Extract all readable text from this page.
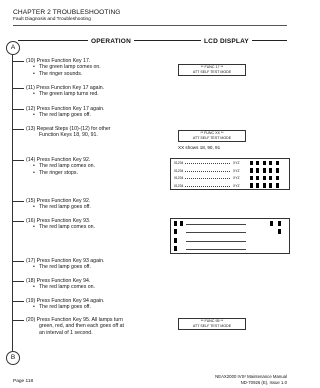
CHAPTER 2 TROUBLESHOOTING
Fault Diagnosis and Troubleshooting
A
B
OPERATION	LCD DISPLAY
(10) Press Function Key 17.
• The green lamp comes on.
• The ringer sounds.
(11) Press Function Key 17 again.
• The green lamp turns red.
(12) Press Function Key 17 again.
• The red lamp goes off.
(13) Repeat Steps (10)-(12) for other
Function Keys 18, 90, 91.
(14) Press Function Key 92.
• The red lamp comes on.
• The ringer stops.
(15) Press Function Key 92.
• The red lamp goes off.
(16) Press Function Key 93.
• The red lamp comes on.
(17) Press Function Key 93 again.
• The red lamp goes off.
(18) Press Function Key 94.
• The red lamp comes on.
(19) Press Function Key 94 again.
• The red lamp goes off.
(20) Press Function Key 95. All lamps turn
green, red, and then each goes off at
an interval of 1 second.
** FUNC 17 **
ATT SELF TEST MODE
** FUNC XX **
ATT SELF TEST MODE
XX shows 18, 90, 91
01234	XYZ
01234	XYZ
01234	XYZ
01234	XYZ
** FUNC 95 **
ATT SELF TEST MODE
NEAX2000 IVS² Maintenance Manual
ND-70926 (E), Issue 1.0
Page 118
